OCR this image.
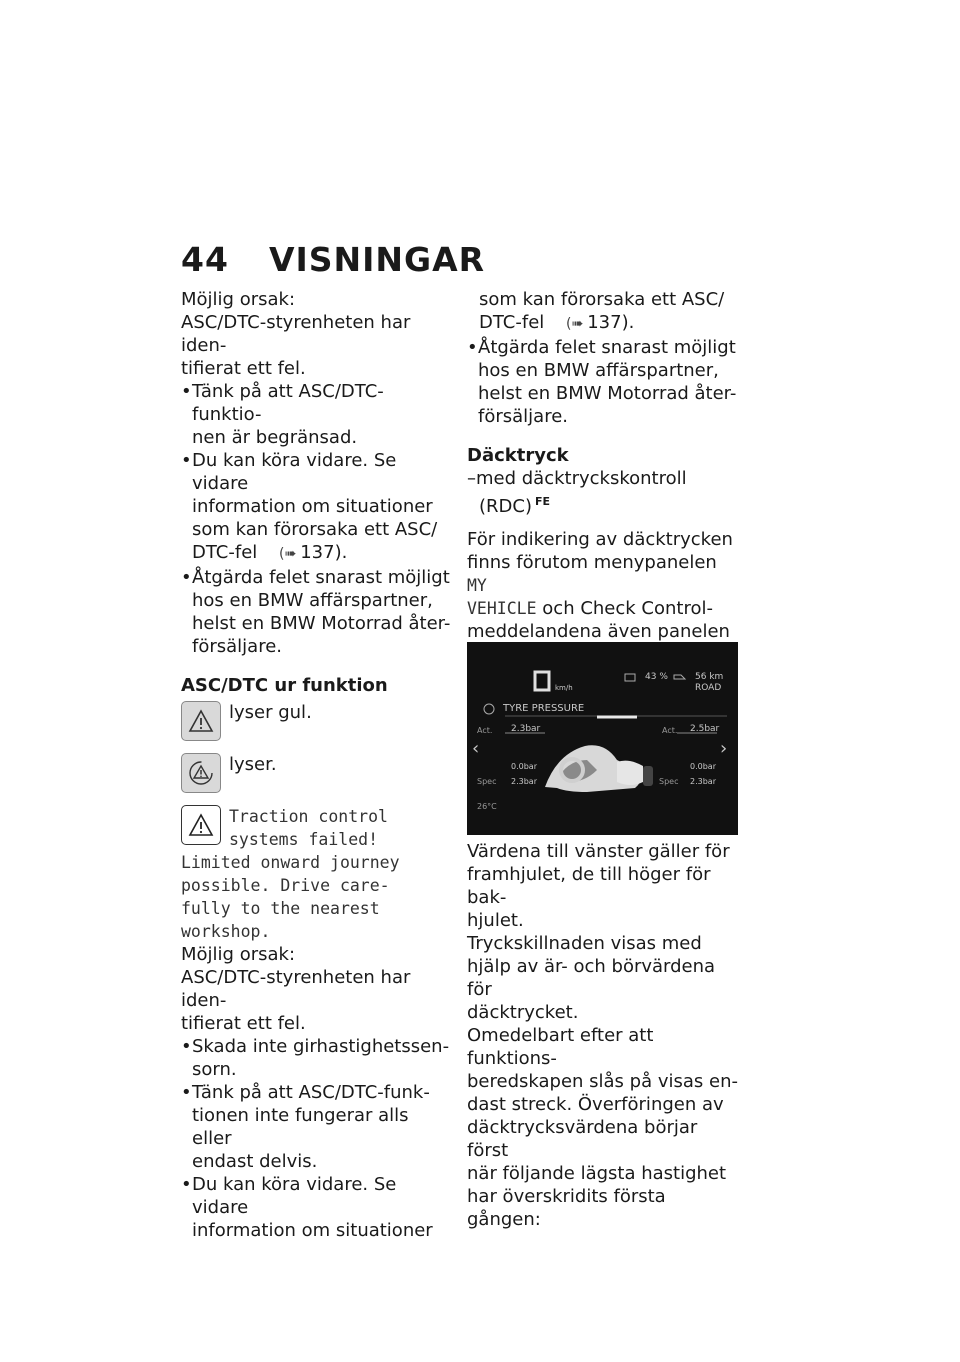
44 VISNINGAR

Möjlig orsak:

ASC/DTC-styrenheten har iden-

tifierat ett fel.

• Tänk på att ASC/DTC-funktio-
nen är begränsad.
• Du kan köra vidare. Se vidare
information om situationer
som kan förorsaka ett ASC/
DTC-fel (➠ 137).
• Åtgärda felet snarast möjligt
hos en BMW affärspartner,
helst en BMW Motorrad åter-
försäljare.

ASC/DTC ur funktion

lyser gul.
lyser.
Traction control
systems failed!
Limited onward journey
possible. Drive care-
fully to the nearest
workshop.

Möjlig orsak:

ASC/DTC-styrenheten har iden-

tifierat ett fel.

• Skada inte girhastighetssen-
sorn.
• Tänk på att ASC/DTC-funk-
tionen inte fungerar alls eller
endast delvis.
• Du kan köra vidare. Se vidare
information om situationer

som kan förorsaka ett ASC/

DTC-fel (➠ 137).

• Åtgärda felet snarast möjligt
hos en BMW affärspartner,
helst en BMW Motorrad åter-
försäljare.

Däcktryck

–med däcktryckskontroll

(RDC) $^{FE}$

För indikering av däcktrycken

finns förutom menypanelen MY

VEHICLE och Check Control-

meddelandena även panelen

km/h
43 %	56 km
ROAD
TYRE PRESSURE
Act. 2.3bar	Act. 2.5bar
0.0bar	0.0bar
Spec 2.3bar	Spec 2.3bar
26°C
‹	›

Värdena till vänster gäller för

framhjulet, de till höger för bak-

hjulet.

Tryckskillnaden visas med

hjälp av är- och börvärdena för

däcktrycket.

Omedelbart efter att funktions-

beredskapen slås på visas en-

dast streck. Överföringen av

däcktrycksvärdena börjar först

när följande lägsta hastighet

har överskridits första gången:
